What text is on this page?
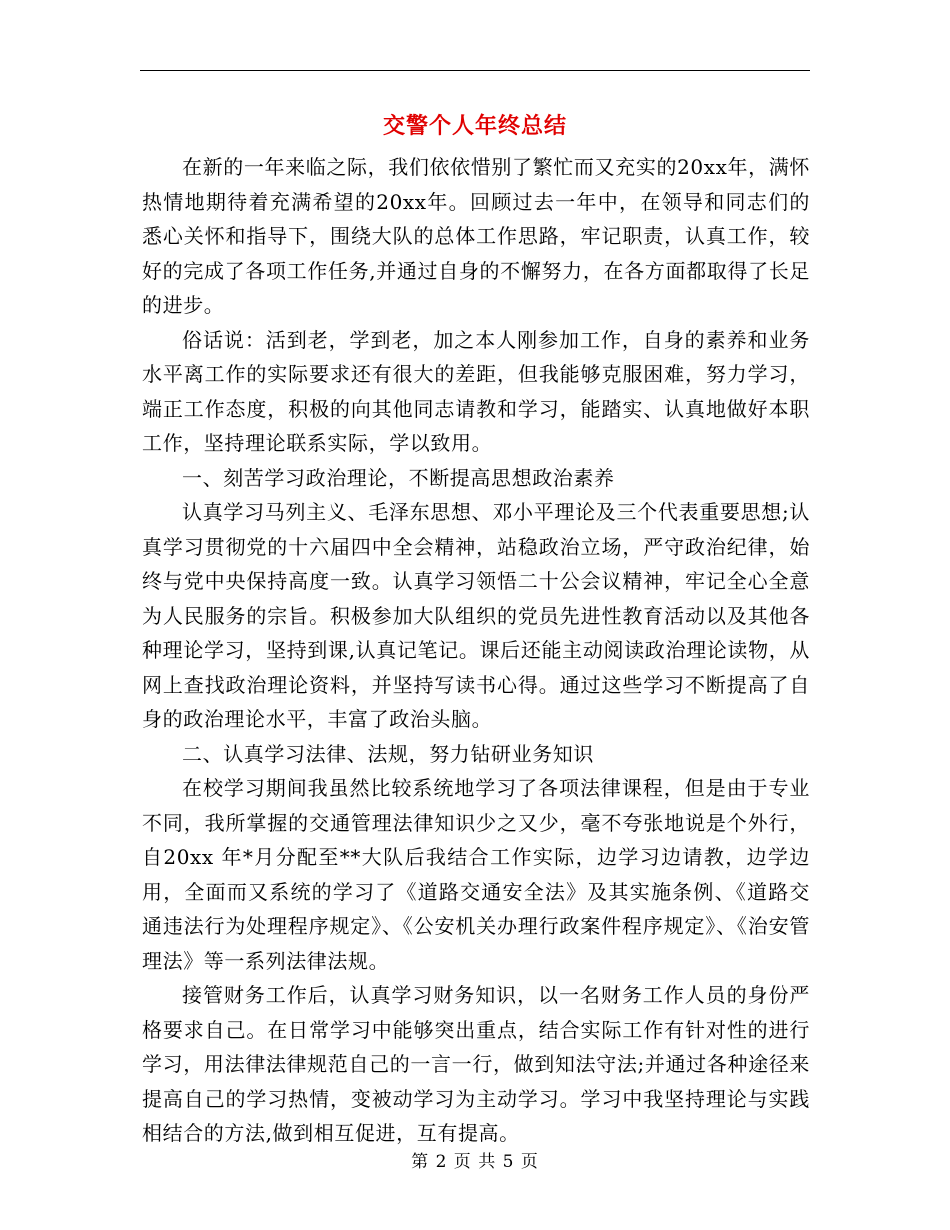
交警个人年终总结

在新的一年来临之际，我们依依惜别了繁忙而又充实的20xx年，满怀热情地期待着充满希望的20xx年。回顾过去一年中，在领导和同志们的悉心关怀和指导下，围绕大队的总体工作思路，牢记职责，认真工作，较好的完成了各项工作任务,并通过自身的不懈努力，在各方面都取得了长足的进步。

俗话说：活到老，学到老，加之本人刚参加工作，自身的素养和业务水平离工作的实际要求还有很大的差距，但我能够克服困难，努力学习，端正工作态度，积极的向其他同志请教和学习，能踏实、认真地做好本职工作，坚持理论联系实际，学以致用。

一、刻苦学习政治理论，不断提高思想政治素养

认真学习马列主义、毛泽东思想、邓小平理论及三个代表重要思想;认真学习贯彻党的十六届四中全会精神，站稳政治立场，严守政治纪律，始终与党中央保持高度一致。认真学习领悟二十公会议精神，牢记全心全意为人民服务的宗旨。积极参加大队组织的党员先进性教育活动以及其他各种理论学习，坚持到课,认真记笔记。课后还能主动阅读政治理论读物，从网上查找政治理论资料，并坚持写读书心得。通过这些学习不断提高了自身的政治理论水平，丰富了政治头脑。

二、认真学习法律、法规，努力钻研业务知识

在校学习期间我虽然比较系统地学习了各项法律课程，但是由于专业不同，我所掌握的交通管理法律知识少之又少，毫不夸张地说是个外行，自20xx 年*月分配至**大队后我结合工作实际，边学习边请教，边学边用，全面而又系统的学习了《道路交通安全法》及其实施条例、《道路交通违法行为处理程序规定》、《公安机关办理行政案件程序规定》、《治安管理法》等一系列法律法规。

接管财务工作后，认真学习财务知识，以一名财务工作人员的身份严格要求自己。在日常学习中能够突出重点，结合实际工作有针对性的进行学习，用法律法律规范自己的一言一行，做到知法守法;并通过各种途径来提高自己的学习热情，变被动学习为主动学习。学习中我坚持理论与实践相结合的方法,做到相互促进，互有提高。

第 2 页 共 5 页
